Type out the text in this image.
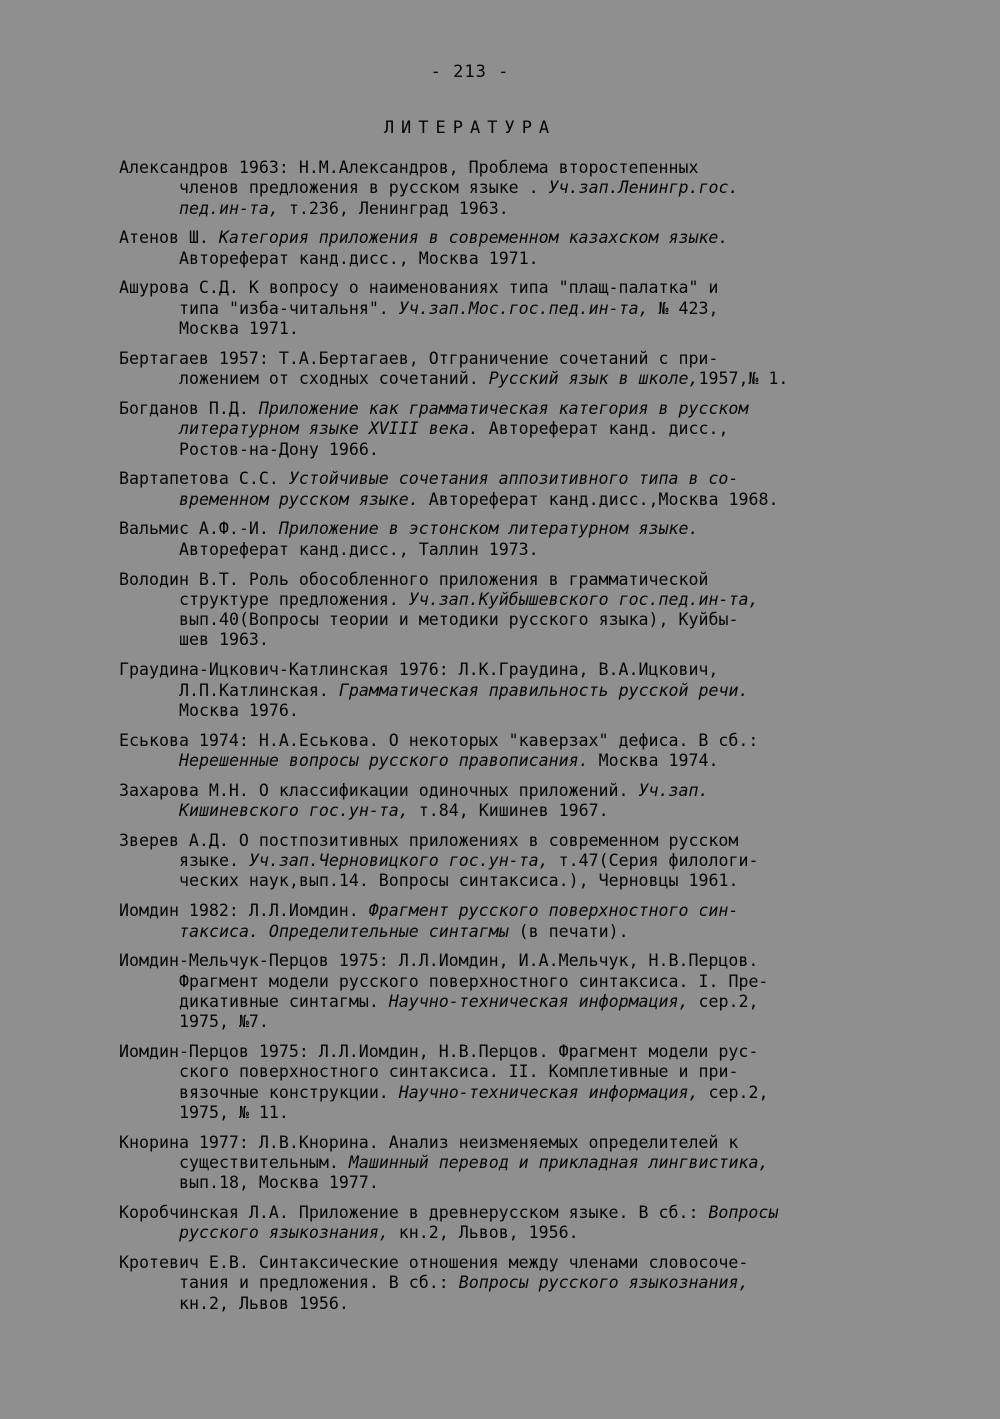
- 213 -
ЛИТЕРАТУРА
Александров 1963: Н.М.Александров, Проблема второстепенных
членов предложения в русском языке . Уч.зап.Ленингр.гос.
пед.ин-та, т.236, Ленинград 1963.
Атенов Ш. Категория приложения в современном казахском языке.
Автореферат канд.дисс., Москва 1971.
Ашурова С.Д. К вопросу о наименованиях типа "плащ-палатка" и
типа "изба-читальня". Уч.зап.Мос.гос.пед.ин-та, № 423,
Москва 1971.
Бертагаев 1957: Т.А.Бертагаев, Отграничение сочетаний с при-
ложением от сходных сочетаний. Русский язык в школе,1957,№ 1.
Богданов П.Д. Приложение как грамматическая категория в русском
литературном языке XVIII века. Автореферат канд. дисс.,
Ростов-на-Дону 1966.
Вартапетова С.С. Устойчивые сочетания аппозитивного типа в со-
временном русском языке. Автореферат канд.дисс.,Москва 1968.
Вальмис А.Ф.-И. Приложение в эстонском литературном языке.
Автореферат канд.дисс., Таллин 1973.
Володин В.Т. Роль обособленного приложения в грамматической
структуре предложения. Уч.зап.Куйбышевского гос.пед.ин-та,
вып.40(Вопросы теории и методики русского языка), Куйбы-
шев 1963.
Граудина-Ицкович-Катлинская 1976: Л.К.Граудина, В.А.Ицкович,
Л.П.Катлинская. Грамматическая правильность русской речи.
Москва 1976.
Еськова 1974: Н.А.Еськова. О некоторых "каверзах" дефиса. В сб.:
Нерешенные вопросы русского правописания. Москва 1974.
Захарова М.Н. О классификации одиночных приложений. Уч.зап.
Кишиневского гос.ун-та, т.84, Кишинев 1967.
Зверев А.Д. О постпозитивных приложениях в современном русском
языке. Уч.зап.Черновицкого гос.ун-та, т.47(Серия филологи-
ческих наук,вып.14. Вопросы синтаксиса.), Черновцы 1961.
Иомдин 1982: Л.Л.Иомдин. Фрагмент русского поверхностного син-
таксиса. Определительные синтагмы (в печати).
Иомдин-Мельчук-Перцов 1975: Л.Л.Иомдин, И.А.Мельчук, Н.В.Перцов.
Фрагмент модели русского поверхностного синтаксиса. I. Пре-
дикативные синтагмы. Научно-техническая информация, сер.2,
1975, №7.
Иомдин-Перцов 1975: Л.Л.Иомдин, Н.В.Перцов. Фрагмент модели рус-
ского поверхностного синтаксиса. II. Комплетивные и при-
вязочные конструкции. Научно-техническая информация, сер.2,
1975, № 11.
Кнорина 1977: Л.В.Кнорина. Анализ неизменяемых определителей к
существительным. Машинный перевод и прикладная лингвистика,
вып.18, Москва 1977.
Коробчинская Л.А. Приложение в древнерусском языке. В сб.: Вопросы
русского языкознания, кн.2, Львов, 1956.
Кротевич Е.В. Синтаксические отношения между членами словосоче-
тания и предложения. В сб.: Вопросы русского языкознания,
кн.2, Львов 1956.
